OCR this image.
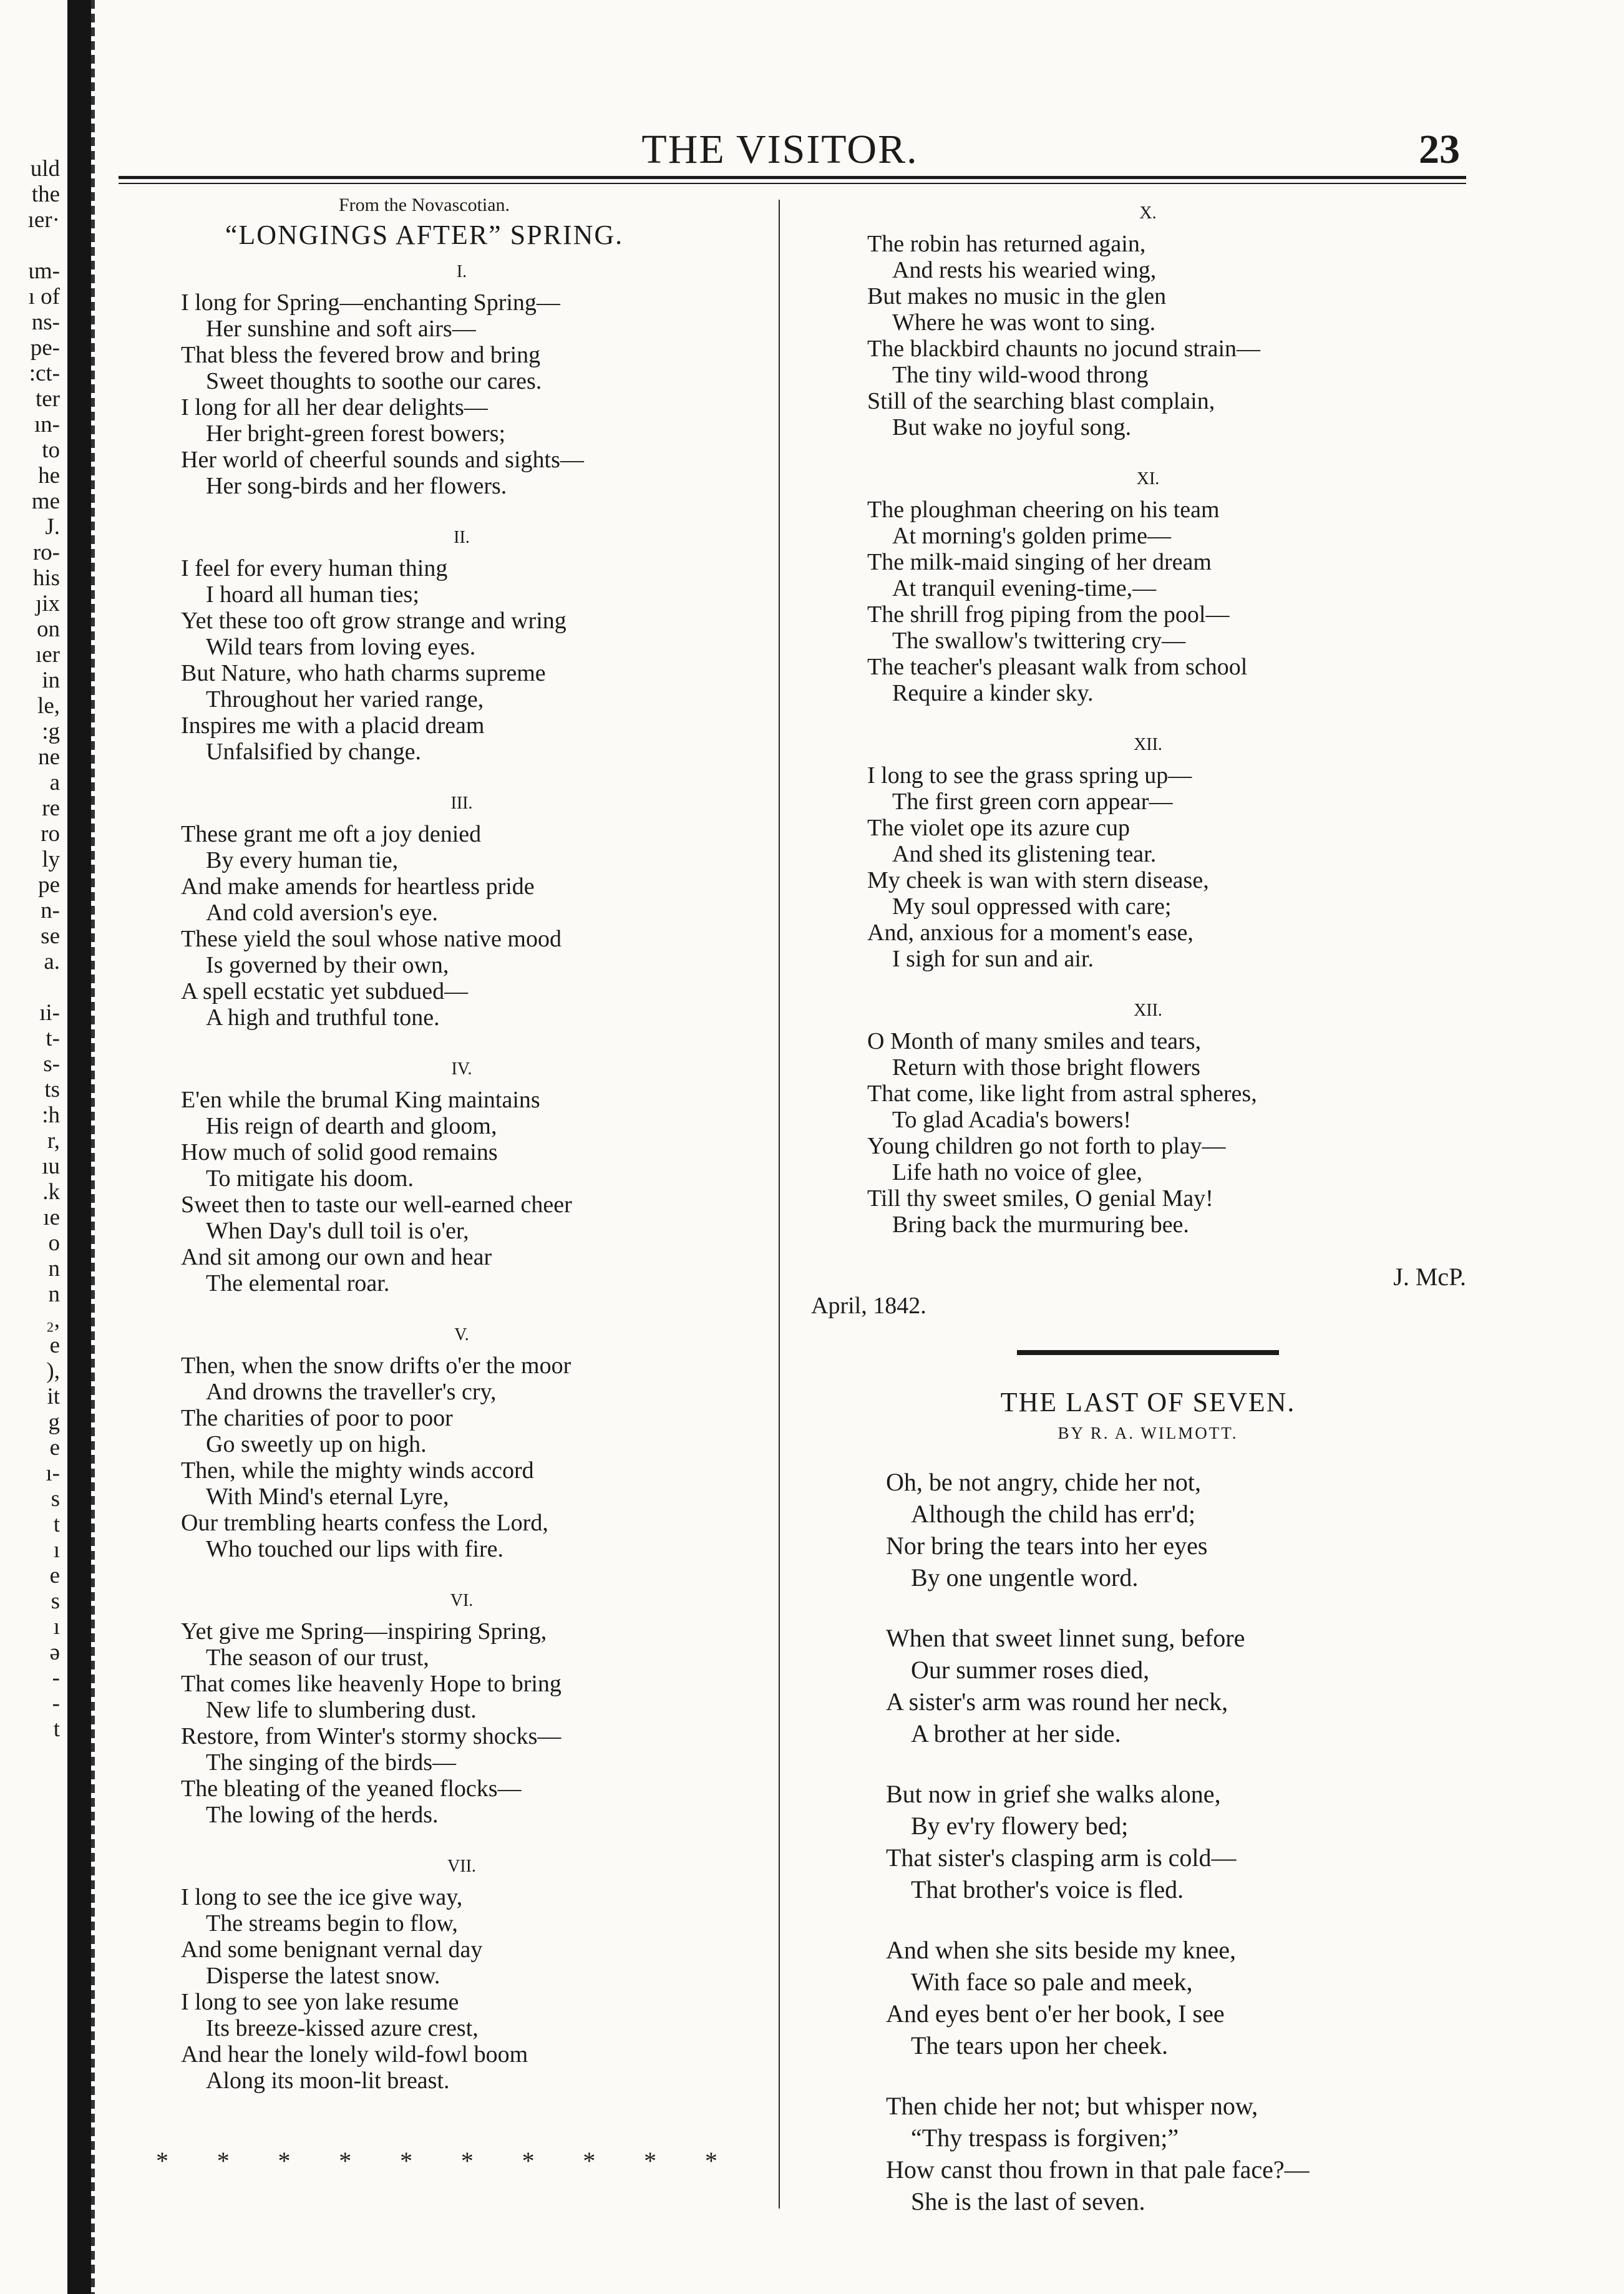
uld
the
ıer·
ιm-
ı of
ns-
pe-
:ct-
ter
ın-
to
he
me
J.
ro-
his
ȷix
on
ıer
in
le,
:g
ne
a
re
ro
ly
pe
n-
se
a.
ıi-
t-
s-
ts
:h
r,
ıu
.k
ıe
o
n
n
₂,
e
),
it
g
e
ı-
s
t
ı
e
s
ı
ə
-
-
t
THE VISITOR.	23
From the Novascotian.
“LONGINGS AFTER” SPRING.
I.
I long for Spring—enchanting Spring—
Her sunshine and soft airs—
That bless the fevered brow and bring
Sweet thoughts to soothe our cares.
I long for all her dear delights—
Her bright-green forest bowers;
Her world of cheerful sounds and sights—
Her song-birds and her flowers.
II.
I feel for every human thing
I hoard all human ties;
Yet these too oft grow strange and wring
Wild tears from loving eyes.
But Nature, who hath charms supreme
Throughout her varied range,
Inspires me with a placid dream
Unfalsified by change.
III.
These grant me oft a joy denied
By every human tie,
And make amends for heartless pride
And cold aversion's eye.
These yield the soul whose native mood
Is governed by their own,
A spell ecstatic yet subdued—
A high and truthful tone.
IV.
E'en while the brumal King maintains
His reign of dearth and gloom,
How much of solid good remains
To mitigate his doom.
Sweet then to taste our well-earned cheer
When Day's dull toil is o'er,
And sit among our own and hear
The elemental roar.
V.
Then, when the snow drifts o'er the moor
And drowns the traveller's cry,
The charities of poor to poor
Go sweetly up on high.
Then, while the mighty winds accord
With Mind's eternal Lyre,
Our trembling hearts confess the Lord,
Who touched our lips with fire.
VI.
Yet give me Spring—inspiring Spring,
The season of our trust,
That comes like heavenly Hope to bring
New life to slumbering dust.
Restore, from Winter's stormy shocks—
The singing of the birds—
The bleating of the yeaned flocks—
The lowing of the herds.
VII.
I long to see the ice give way,
The streams begin to flow,
And some benignant vernal day
Disperse the latest snow.
I long to see yon lake resume
Its breeze-kissed azure crest,
And hear the lonely wild-fowl boom
Along its moon-lit breast.
* * * * * * * * * *
X.
The robin has returned again,
And rests his wearied wing,
But makes no music in the glen
Where he was wont to sing.
The blackbird chaunts no jocund strain—
The tiny wild-wood throng
Still of the searching blast complain,
But wake no joyful song.
XI.
The ploughman cheering on his team
At morning's golden prime—
The milk-maid singing of her dream
At tranquil evening-time,—
The shrill frog piping from the pool—
The swallow's twittering cry—
The teacher's pleasant walk from school
Require a kinder sky.
XII.
I long to see the grass spring up—
The first green corn appear—
The violet ope its azure cup
And shed its glistening tear.
My cheek is wan with stern disease,
My soul oppressed with care;
And, anxious for a moment's ease,
I sigh for sun and air.
XII.
O Month of many smiles and tears,
Return with those bright flowers
That come, like light from astral spheres,
To glad Acadia's bowers!
Young children go not forth to play—
Life hath no voice of glee,
Till thy sweet smiles, O genial May!
Bring back the murmuring bee.
J. McP.
April, 1842.
THE LAST OF SEVEN.
BY R. A. WILMOTT.
Oh, be not angry, chide her not,
Although the child has err'd;
Nor bring the tears into her eyes
By one ungentle word.
When that sweet linnet sung, before
Our summer roses died,
A sister's arm was round her neck,
A brother at her side.
But now in grief she walks alone,
By ev'ry flowery bed;
That sister's clasping arm is cold—
That brother's voice is fled.
And when she sits beside my knee,
With face so pale and meek,
And eyes bent o'er her book, I see
The tears upon her cheek.
Then chide her not; but whisper now,
“Thy trespass is forgiven;”
How canst thou frown in that pale face?—
She is the last of seven.
